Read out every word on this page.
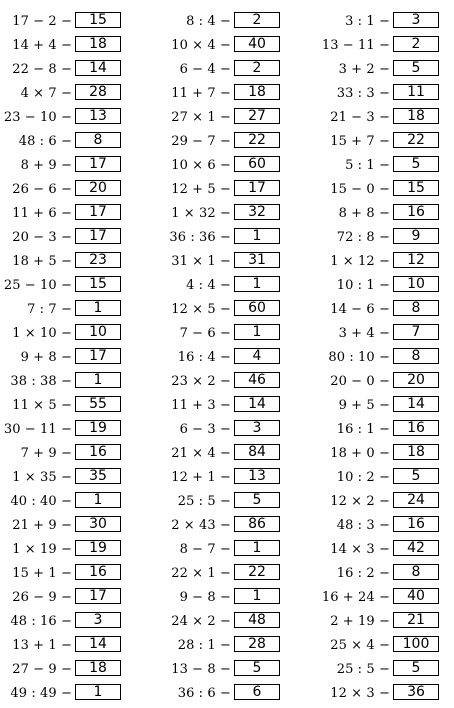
17 − 2 −	15
14 + 4 −	18
22 − 8 −	14
4 × 7 −	28
23 − 10 −	13
48 : 6 −	8
8 + 9 −	17
26 − 6 −	20
11 + 6 −	17
20 − 3 −	17
18 + 5 −	23
25 − 10 −	15
7 : 7 −	1
1 × 10 −	10
9 + 8 −	17
38 : 38 −	1
11 × 5 −	55
30 − 11 −	19
7 + 9 −	16
1 × 35 −	35
40 : 40 −	1
21 + 9 −	30
1 × 19 −	19
15 + 1 −	16
26 − 9 −	17
48 : 16 −	3
13 + 1 −	14
27 − 9 −	18
49 : 49 −	1
8 : 4 −	2
10 × 4 −	40
6 − 4 −	2
11 + 7 −	18
27 × 1 −	27
29 − 7 −	22
10 × 6 −	60
12 + 5 −	17
1 × 32 −	32
36 : 36 −	1
31 × 1 −	31
4 : 4 −	1
12 × 5 −	60
7 − 6 −	1
16 : 4 −	4
23 × 2 −	46
11 + 3 −	14
6 − 3 −	3
21 × 4 −	84
12 + 1 −	13
25 : 5 −	5
2 × 43 −	86
8 − 7 −	1
22 × 1 −	22
9 − 8 −	1
24 × 2 −	48
28 : 1 −	28
13 − 8 −	5
36 : 6 −	6
3 : 1 −	3
13 − 11 −	2
3 + 2 −	5
33 : 3 −	11
21 − 3 −	18
15 + 7 −	22
5 : 1 −	5
15 − 0 −	15
8 + 8 −	16
72 : 8 −	9
1 × 12 −	12
10 : 1 −	10
14 − 6 −	8
3 + 4 −	7
80 : 10 −	8
20 − 0 −	20
9 + 5 −	14
16 : 1 −	16
18 + 0 −	18
10 : 2 −	5
12 × 2 −	24
48 : 3 −	16
14 × 3 −	42
16 : 2 −	8
16 + 24 −	40
2 + 19 −	21
25 × 4 − 100
25 : 5 −	5
12 × 3 −	36
